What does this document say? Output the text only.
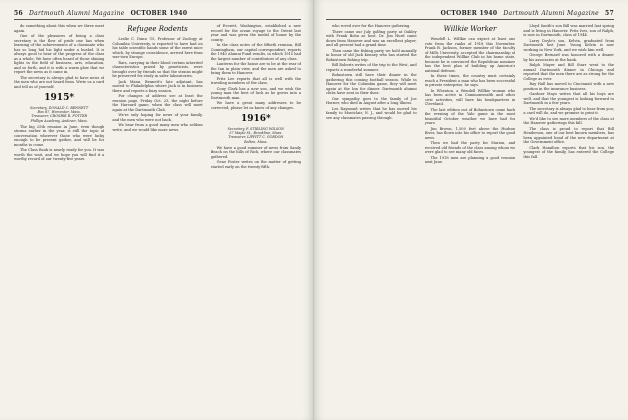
56 Dartmouth Alumni Magazine OCTOBER 1940

do something about this when we three meet again.

One of the pleasures of being a class secretary is the flow of pride one has when learning of the achievements of a classmate who has so long hid his light under a bushel. It is always good to hear of the progress of the class as a whole. We have often heard of those shining lights in the field of business, arts, education, and so forth, and it is with a warm glow that we report the news as it came in.

The secretary is always glad to have news of the men who are not heard from. Write us a card and tell us of yourself.

1915*
Secretary, DONALD C. BENNETT
Box 87, Worcester, Mass.
Treasurer, CROSBIE R. POTTER
Phillips Academy, Andover, Mass.

The big 25th reunion in June, even though storms earlier in the year, is still the topic of conversation wherever those who were lucky enough to be present gather, and will be for months to come.

The Class Book is nearly ready for you. It was worth the wait, and we hope you will find it a worthy record of our twenty-five years.

Refugee Rodents

Leslie C. Dunn '15, Professor of Zoology at Columbia University, is reported to have had on his table scientific hands some of the rarest mice which, by strange coincidence, arrived here from war-torn Europe.

Rats, carrying in their blood certain inherited characteristics prized by geneticists, were brought over by friends so that the strains might be preserved for study in safer laboratories.

Jack Mann, Bennett's late adjutant, has moved to Philadelphia where Jack is in business there and reports a busy season.

For changes of address see at least the reunion page. Friday Oct. 25, the night before the Harvard game, when the class will meet again at the Dartmouth Club.

We're only hoping for news of your family, and the men who were not back.

We hear from a good many men who seldom write, and we would like more news.

of Everett, Washington, established a new record for the ocean voyage to the Orient last year and was given the medal of honor by the county.

In the class notes of the fiftieth reunion, Bill Cunningham, our capital correspondent, reports the 1940 Alumni Fund results, in which 1915 had the largest number of contributors of any class.

Lanterns for the house are to be at the rear of the Inn in plain view, and the men are asked to bring them to Hanover.

Fritz Lee reports that all is well with the traveling members of the class.

Cony Clark has a new son, and we wish the young man the best of luck as he grows into a Dartmouth man.

We have a great many addresses to be corrected; please let us know of any changes.

1916*
Secretary, F. STIRLING WILSON
57 Maple St., Brookline, Mass.
Treasurer, LIPPITT C. GORDON
Bolton, Mass.

We have a good summer of news from Sandy Beach on the hills of Rich, where our classmates gathered.

Gene Foster writes on the matter of getting started early on the twenty-fifth.

OCTOBER 1940 Dartmouth Alumni Magazine 57

who roved over for the Hanover gathering.

There came our July golfing party at Oakley with Frank Bohn as host. Dr. Jim Hurd came down from Hanover and was an excellent player, and all present had a grand time.

Then came the fishing party we hold annually in honor of old Jack Kenney who has started the Bohnstown fishing trip.

Bill Roberts writes of the trip to the West, and reports a wonderful summer.

Bohnstown still have their dinner in the gathering this coming football season. While in Hanover for the Columbia game, they will meet again at the Inn for dinner. Dartmouth alumni clubs have sent in their dues.

Our sympathy goes to the family of Joe Horner, who died in August after a long illness.

Les Raymond writes that he has moved his family to Montclair, N. J., and would be glad to see any classmates passing through.

Willkie Worker

Wendell L. Willkie can expect at least one vote from the ranks of 1918 this November. Frank B. Jackson, former member of the faculty of Mills University, accepted the chairmanship of the independent Willkie Club in his home state, because he is convinced the Republican nominee has the best plan of building up America's national defense.

In these times, the country must certainly reach a President a man who has been successful in private enterprise, he says.

In Wheaton, a Wendell Willkie woman who has been active in Commonwealth and other civic activities, will have his headquarters in Cleveland.

The last edition out of Bohnstown came back the evening of the Yale game in the most beautiful October weather we have had for years.

Jim Brown, 1,500 feet above the Hudson River, has flown into his office to report the good news.

Then we had the party for Marion, and received old friends of the class among whom we were glad to see many old faces.

The 1918 men are planning a good reunion next June.

Lloyd Smith's son Bill was married last spring and is living in Hanover. Fritz Ives, son of Ralph, is now in Dartmouth, class of 1944.

Larry Doyle's son, Kelvin, graduated from Dartmouth last June. Young Kelvin is now working in New York, and we wish him well.

George Bernard was honored with a dinner by his associates at the bank.

Ralph Mayer and Bill Starr went to the annual Dartmouth dinner in Chicago and reported that the men there are as strong for the College as ever.

Ray Hall has moved to Cincinnati with a new position in the insurance business.

Gardner Mayo writes that all his boys are well, and that the youngest is looking forward to Dartmouth in a few years.

The secretary is always glad to hear from you; a card will do, and we promise to print it.

We'd like to see more members of the class at the Hanover gatherings this fall.

The class is proud to report that Bill Henderson, one of our best known members, has been appointed head of the new department at the Government office.

Clark Hamilton reports that his son, the youngest of the family, has entered the College this fall.
